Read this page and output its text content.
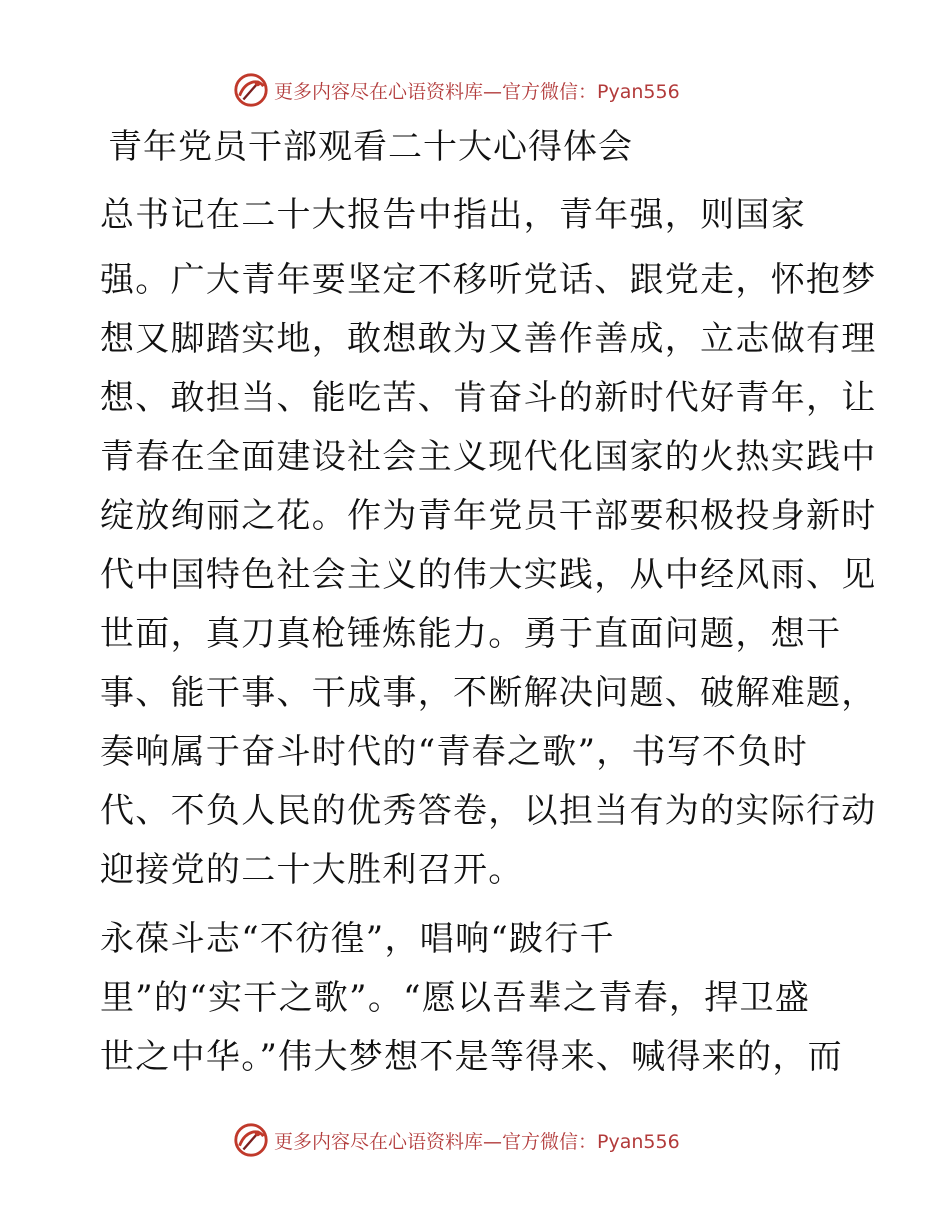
更多内容尽在心语资料库—官方微信：Pyan556
青年党员干部观看二十大心得体会
总书记在二十大报告中指出，青年强，则国家
强。广大青年要坚定不移听党话、跟党走，怀抱梦
想又脚踏实地，敢想敢为又善作善成，立志做有理
想、敢担当、能吃苦、肯奋斗的新时代好青年，让
青春在全面建设社会主义现代化国家的火热实践中
绽放绚丽之花。作为青年党员干部要积极投身新时
代中国特色社会主义的伟大实践，从中经风雨、见
世面，真刀真枪锤炼能力。勇于直面问题，想干
事、能干事、干成事，不断解决问题、破解难题，
奏响属于奋斗时代的“青春之歌”，书写不负时
代、不负人民的优秀答卷，以担当有为的实际行动
迎接党的二十大胜利召开。
永葆斗志“不彷徨”，唱响“跛行千
里”的“实干之歌”。“愿以吾辈之青春，捍卫盛
世之中华。”伟大梦想不是等得来、喊得来的，而
更多内容尽在心语资料库—官方微信：Pyan556
